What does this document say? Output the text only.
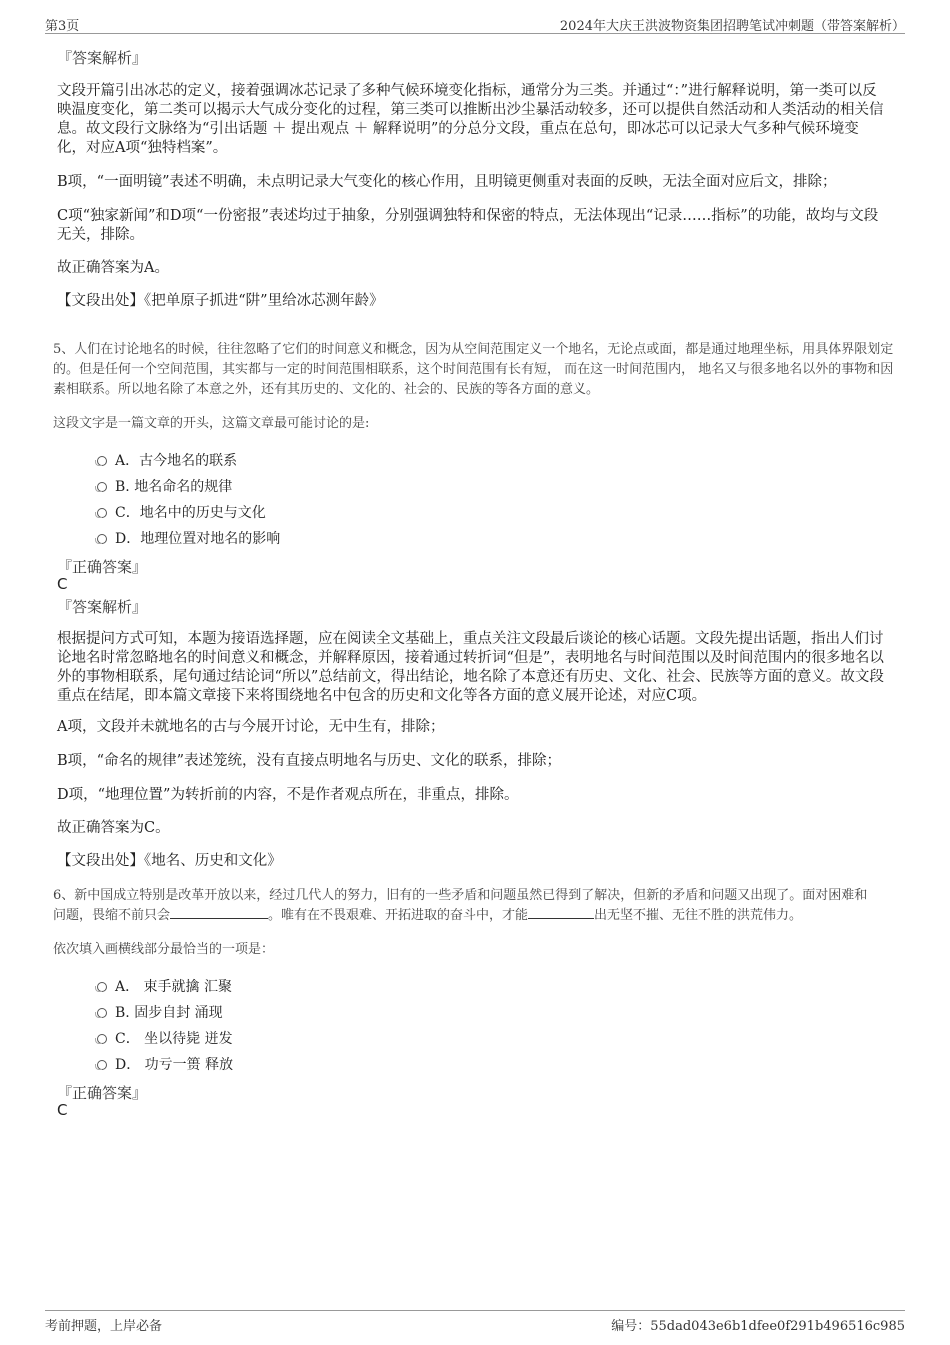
第3页	2024年大庆王洪波物资集团招聘笔试冲刺题（带答案解析）
『答案解析』
文段开篇引出冰芯的定义，接着强调冰芯记录了多种气候环境变化指标，通常分为三类。并通过“：”进行解释说明，第一类可以反映温度变化，第二类可以揭示大气成分变化的过程，第三类可以推断出沙尘暴活动较多，还可以提供自然活动和人类活动的相关信息。故文段行文脉络为“引出话题 ＋ 提出观点 ＋ 解释说明”的分总分文段，重点在总句，即冰芯可以记录大气多种气候环境变化，对应A项“独特档案”。
B项，“一面明镜”表述不明确，未点明记录大气变化的核心作用，且明镜更侧重对表面的反映，无法全面对应后文，排除；
C项“独家新闻”和D项“一份密报”表述均过于抽象，分别强调独特和保密的特点，无法体现出“记录……指标”的功能，故均与文段无关，排除。
故正确答案为A。
【文段出处】《把单原子抓进“阱”里给冰芯测年龄》
5、人们在讨论地名的时候，往往忽略了它们的时间意义和概念，因为从空间范围定义一个地名，无论点或面，都是通过地理坐标，用具体界限划定的。但是任何一个空间范围，其实都与一定的时间范围相联系，这个时间范围有长有短， 而在这一时间范围内， 地名又与很多地名以外的事物和因素相联系。所以地名除了本意之外，还有其历史的、文化的、社会的、民族的等各方面的意义。
这段文字是一篇文章的开头，这篇文章最可能讨论的是:
A．古今地名的联系
B. 地名命名的规律
C．地名中的历史与文化
D．地理位置对地名的影响
『正确答案』
C
『答案解析』
根据提问方式可知，本题为接语选择题，应在阅读全文基础上，重点关注文段最后谈论的核心话题。文段先提出话题，指出人们讨论地名时常忽略地名的时间意义和概念，并解释原因，接着通过转折词“但是”，表明地名与时间范围以及时间范围内的很多地名以外的事物相联系，尾句通过结论词“所以”总结前文，得出结论，地名除了本意还有历史、文化、社会、民族等方面的意义。故文段重点在结尾，即本篇文章接下来将围绕地名中包含的历史和文化等各方面的意义展开论述，对应C项。
A项，文段并未就地名的古与今展开讨论，无中生有，排除；
B项，“命名的规律”表述笼统，没有直接点明地名与历史、文化的联系，排除；
D项，“地理位置”为转折前的内容，不是作者观点所在，非重点，排除。
故正确答案为C。
【文段出处】《地名、历史和文化》
6、新中国成立特别是改革开放以来，经过几代人的努力，旧有的一些矛盾和问题虽然已得到了解决，但新的矛盾和问题又出现了。面对困难和
问题，畏缩不前只会	。唯有在不畏艰难、开拓进取的奋斗中，才能	出无坚不摧、无往不胜的洪荒伟力。
依次填入画横线部分最恰当的一项是：
A． 束手就擒 汇聚
B. 固步自封 涌现
C． 坐以待毙 迸发
D． 功亏一篑 释放
『正确答案』
C
考前押题，上岸必备	编号：55dad043e6b1dfee0f291b496516c985
